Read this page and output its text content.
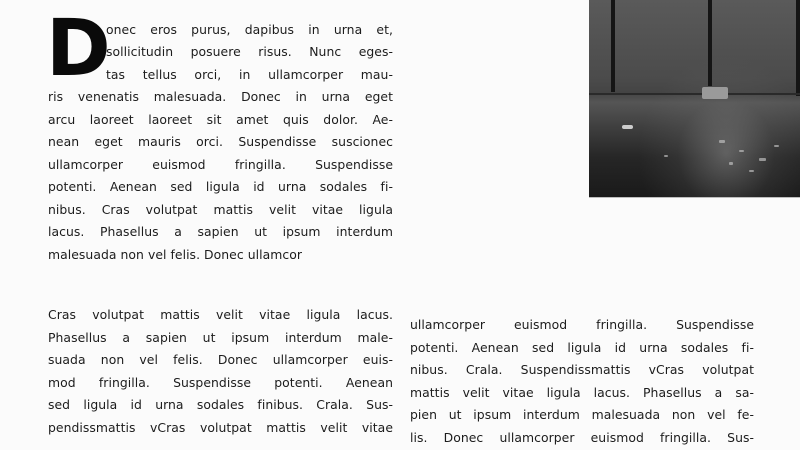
D
onec eros purus, dapibus in urna et,
sollicitudin posuere risus. Nunc eges-
tas tellus orci, in ullamcorper mau-
ris venenatis malesuada. Donec in urna eget
arcu laoreet laoreet sit amet quis dolor. Ae-
nean eget mauris orci. Suspendisse suscionec
ullamcorper euismod fringilla. Suspendisse
potenti. Aenean sed ligula id urna sodales fi-
nibus. Cras volutpat mattis velit vitae ligula
lacus. Phasellus a sapien ut ipsum interdum
malesuada non vel felis. Donec ullamcor
Cras volutpat mattis velit vitae ligula lacus.
Phasellus a sapien ut ipsum interdum male-
suada non vel felis. Donec ullamcorper euis-
mod fringilla. Suspendisse potenti. Aenean
sed ligula id urna sodales finibus. Crala. Sus-
pendissmattis vCras volutpat mattis velit vitae
ullamcorper euismod fringilla. Suspendisse
potenti. Aenean sed ligula id urna sodales fi-
nibus. Crala. Suspendissmattis vCras volutpat
mattis velit vitae ligula lacus. Phasellus a sa-
pien ut ipsum interdum malesuada non vel fe-
lis. Donec ullamcorper euismod fringilla. Sus-
